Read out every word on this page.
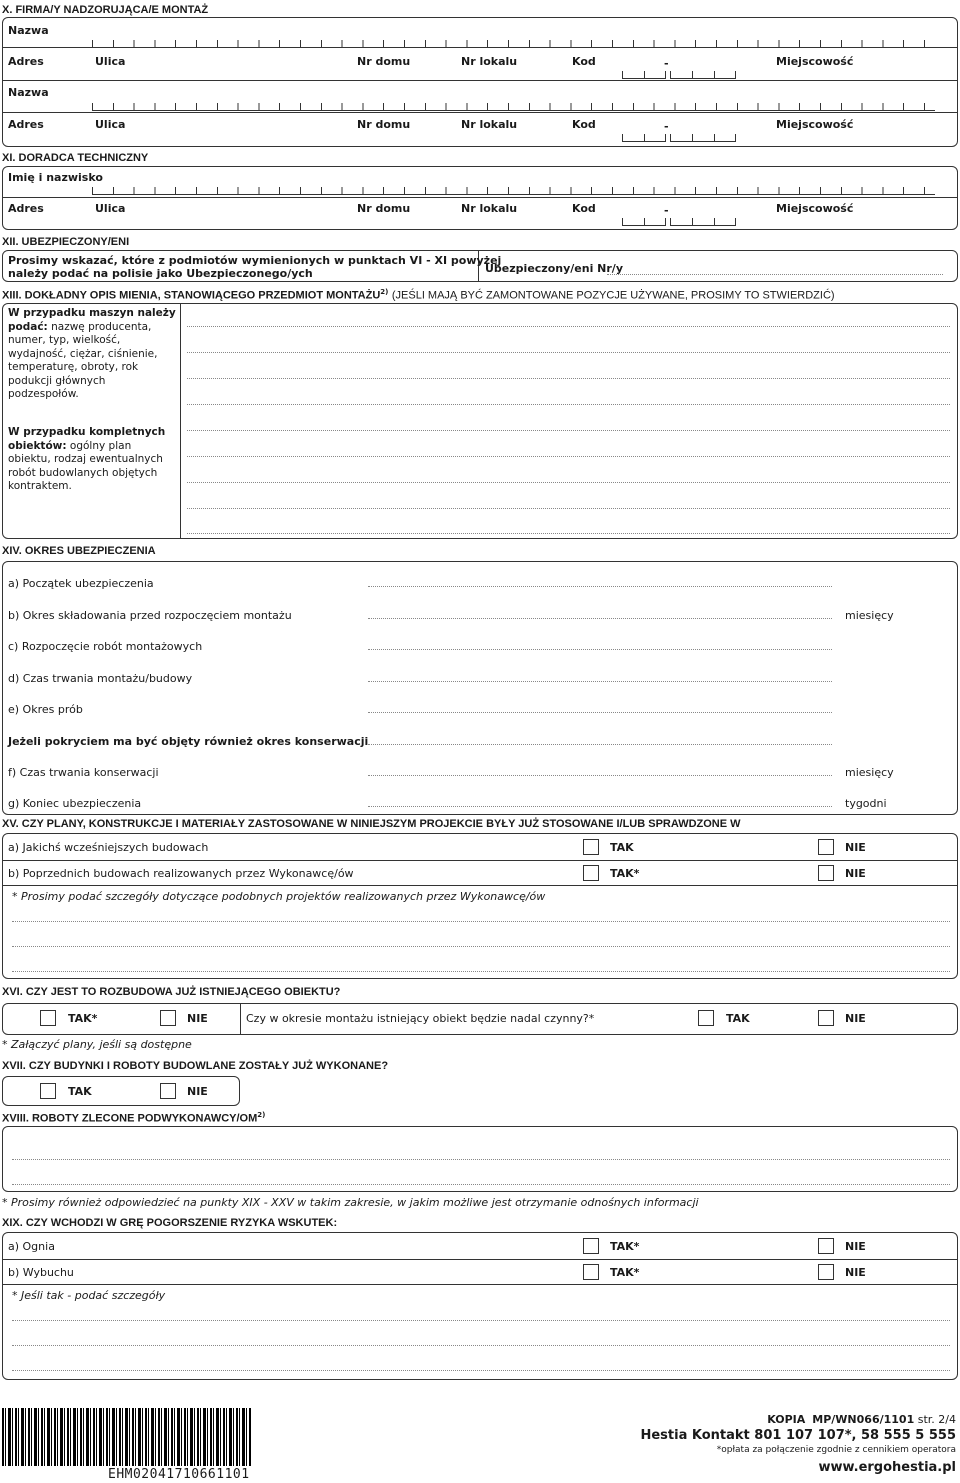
X. FIRMA/Y NADZORUJĄCA/E MONTAŻ
Nazwa
Adres	Ulica	Nr domu	Nr lokalu	Kod	Miejscowość
-
Nazwa
Adres	Ulica	Nr domu	Nr lokalu	Kod	Miejscowość
-
XI. DORADCA TECHNICZNY
Imię i nazwisko
Adres	Ulica	Nr domu	Nr lokalu	Kod	Miejscowość
-
XII. UBEZPIECZONY/ENI
Prosimy wskazać, które z podmiotów wymienionych w punktach VI - XI powyżej
należy podać na polisie jako Ubezpieczonego/ych	Ubezpieczony/eni Nr/y
XIII. DOKŁADNY OPIS MIENIA, STANOWIĄCEGO PRZEDMIOT MONTAŻU$^{2)}$ (JEŚLI MAJĄ BYĆ ZAMONTOWANE POZYCJE UŻYWANE, PROSIMY TO STWIERDZIĆ)
W przypadku maszyn należy podać: nazwę producenta, numer, typ, wielkość, wydajność, ciężar, ciśnienie, temperaturę, obroty, rok podukcji głównych podzespołów.
W przypadku kompletnych obiektów: ogólny plan obiektu, rodzaj ewentualnych robót budowlanych objętych kontraktem.
XIV. OKRES UBEZPIECZENIA
a) Początek ubezpieczenia
b) Okres składowania przed rozpoczęciem montażu	miesięcy
c) Rozpoczęcie robót montażowych
d) Czas trwania montażu/budowy
e) Okres prób
Jeżeli pokryciem ma być objęty również okres konserwacji
f) Czas trwania konserwacji	miesięcy
g) Koniec ubezpieczenia	tygodni
XV. CZY PLANY, KONSTRUKCJE I MATERIAŁY ZASTOSOWANE W NINIEJSZYM PROJEKCIE BYŁY JUŻ STOSOWANE I/LUB SPRAWDZONE W
a) Jakichś wcześniejszych budowach	TAK	NIE
b) Poprzednich budowach realizowanych przez Wykonawcę/ów	TAK*	NIE
* Prosimy podać szczegóły dotyczące podobnych projektów realizowanych przez Wykonawcę/ów
XVI. CZY JEST TO ROZBUDOWA JUŻ ISTNIEJĄCEGO OBIEKTU?
TAK*	NIE	Czy w okresie montażu istniejący obiekt będzie nadal czynny?*	TAK	NIE
* Załączyć plany, jeśli są dostępne
XVII. CZY BUDYNKI I ROBOTY BUDOWLANE ZOSTAŁY JUŻ WYKONANE?
TAK	NIE
XVIII. ROBOTY ZLECONE PODWYKONAWCY/OM$^{2)}$
* Prosimy również odpowiedzieć na punkty XIX - XXV w takim zakresie, w jakim możliwe jest otrzymanie odnośnych informacji
XIX. CZY WCHODZI W GRĘ POGORSZENIE RYZYKA WSKUTEK:
a) Ognia	TAK*	NIE
b) Wybuchu	TAK*	NIE
* Jeśli tak - podać szczegóły
EHM02041710661101
KOPIA MP/WN066/1101 str. 2/4
Hestia Kontakt 801 107 107*, 58 555 5 555
*opłata za połączenie zgodnie z cennikiem operatora
www.ergohestia.pl
